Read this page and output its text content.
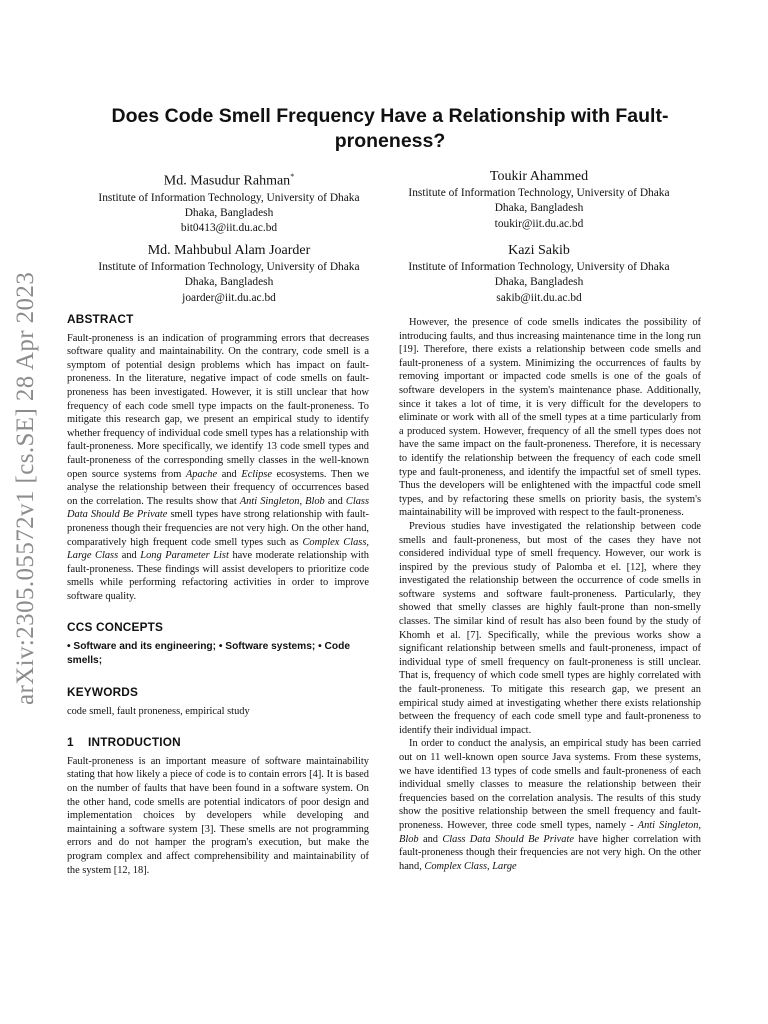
arXiv:2305.05572v1 [cs.SE] 28 Apr 2023
Does Code Smell Frequency Have a Relationship with Fault-proneness?
Md. Masudur Rahman*
Institute of Information Technology, University of Dhaka
Dhaka, Bangladesh
bit0413@iit.du.ac.bd
Toukir Ahammed
Institute of Information Technology, University of Dhaka
Dhaka, Bangladesh
toukir@iit.du.ac.bd
Md. Mahbubul Alam Joarder
Institute of Information Technology, University of Dhaka
Dhaka, Bangladesh
joarder@iit.du.ac.bd
Kazi Sakib
Institute of Information Technology, University of Dhaka
Dhaka, Bangladesh
sakib@iit.du.ac.bd
ABSTRACT

Fault-proneness is an indication of programming errors that decreases software quality and maintainability. On the contrary, code smell is a symptom of potential design problems which has impact on fault-proneness. In the literature, negative impact of code smells on fault-proneness has been investigated. However, it is still unclear that how frequency of each code smell type impacts on the fault-proneness. To mitigate this research gap, we present an empirical study to identify whether frequency of individual code smell types has a relationship with fault-proneness. More specifically, we identify 13 code smell types and fault-proneness of the corresponding smelly classes in the well-known open source systems from Apache and Eclipse ecosystems. Then we analyse the relationship between their frequency of occurrences based on the correlation. The results show that Anti Singleton, Blob and Class Data Should Be Private smell types have strong relationship with fault-proneness though their frequencies are not very high. On the other hand, comparatively high frequent code smell types such as Complex Class, Large Class and Long Parameter List have moderate relationship with fault-proneness. These findings will assist developers to prioritize code smells while performing refactoring activities in order to improve software quality.

CCS CONCEPTS

• Software and its engineering; • Software systems; • Code smells;

KEYWORDS

code smell, fault proneness, empirical study

1 INTRODUCTION

Fault-proneness is an important measure of software maintainability stating that how likely a piece of code is to contain errors [4]. It is based on the number of faults that have been found in a software system. On the other hand, code smells are potential indicators of poor design and implementation choices by developers while developing and maintaining a software system [3]. These smells are not programming errors and do not hamper the program's execution, but make the program complex and affect comprehensibility and maintainability of the system [12, 18].

However, the presence of code smells indicates the possibility of introducing faults, and thus increasing maintenance time in the long run [19]. Therefore, there exists a relationship between code smells and fault-proneness of a system. Minimizing the occurrences of faults by removing important or impacted code smells is one of the goals of software developers in the system's maintenance phase. Additionally, since it takes a lot of time, it is very difficult for the developers to eliminate or work with all of the smell types at a time particularly from a produced system. However, frequency of all the smell types does not have the same impact on the fault-proneness. Therefore, it is necessary to identify the relationship between the frequency of each code smell type and fault-proneness, and identify the impactful set of smell types. Thus the developers will be enlightened with the impactful code smell types, and by refactoring these smells on priority basis, the system's maintainability will be improved with respect to the fault-proneness.

Previous studies have investigated the relationship between code smells and fault-proneness, but most of the cases they have not considered individual type of smell frequency. However, our work is inspired by the previous study of Palomba et el. [12], where they investigated the relationship between the occurrence of code smells in software systems and software fault-proneness. Particularly, they showed that smelly classes are highly fault-prone than non-smelly classes. The similar kind of result has also been found by the study of Khomh et al. [7]. Specifically, while the previous works show a significant relationship between smells and fault-proneness, impact of individual type of smell frequency on fault-proneness is still unclear. That is, frequency of which code smell types are highly correlated with the fault-proneness. To mitigate this research gap, we present an empirical study aimed at investigating whether there exists relationship between the frequency of each code smell type and fault-proneness to identify their individual impact.

In order to conduct the analysis, an empirical study has been carried out on 11 well-known open source Java systems. From these systems, we have identified 13 types of code smells and fault-proneness of each individual smelly classes to measure the relationship between their frequencies based on the correlation analysis. The results of this study show the positive relationship between the smell frequency and fault-proneness. However, three code smell types, namely - Anti Singleton, Blob and Class Data Should Be Private have higher correlation with fault-proneness though their frequencies are not very high. On the other hand, Complex Class, Large
